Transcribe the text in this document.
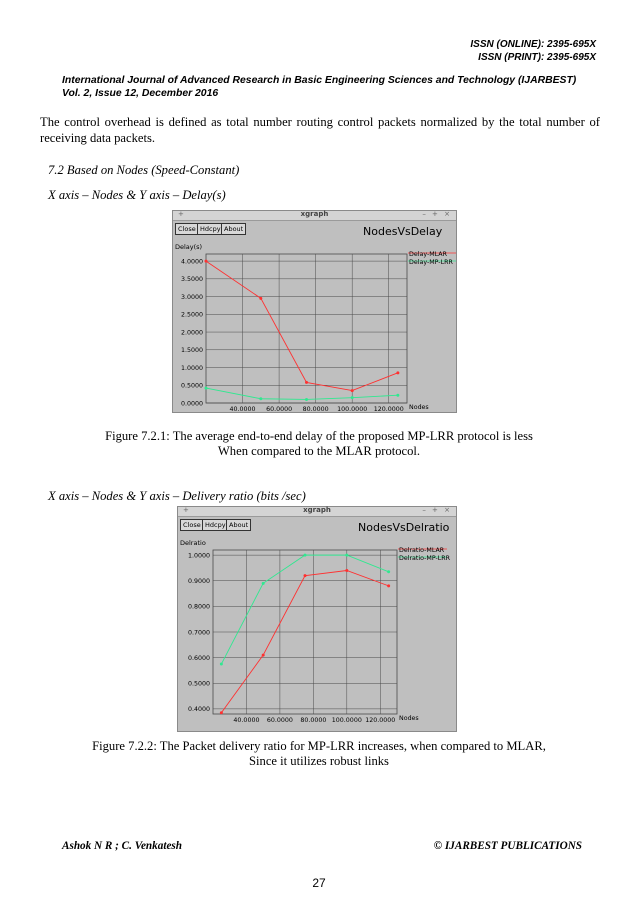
ISSN (ONLINE): 2395-695X
ISSN (PRINT): 2395-695X
International Journal of Advanced Research in Basic Engineering Sciences and Technology (IJARBEST)
Vol. 2, Issue 12, December 2016
The control overhead is defined as total number routing control packets normalized by the total number of receiving data packets.
7.2 Based on Nodes (Speed-Constant)
X axis – Nodes & Y axis – Delay(s)
+	xgraph	– + ×
Close Hdcpy About	NodesVsDelay
Delay(s)
4.0000
3.5000
3.0000
2.5000
2.0000
1.5000
1.0000
0.5000
0.0000
40.0000 60.0000 80.0000 100.0000 120.0000 Nodes
Delay-MLAR
Delay-MP-LRR
Figure 7.2.1: The average end-to-end delay of the proposed MP-LRR protocol is less
When compared to the MLAR protocol.
X axis – Nodes & Y axis – Delivery ratio (bits /sec)
+	xgraph	– + ×
Close Hdcpy About	NodesVsDelratio
Delratio
1.0000
0.9000
0.8000
0.7000
0.6000
0.5000
0.4000
40.0000 60.0000 80.0000 100.0000 120.0000 Nodes
Delratio-MLAR
Delratio-MP-LRR
Figure 7.2.2: The Packet delivery ratio for MP-LRR increases, when compared to MLAR,
Since it utilizes robust links
Ashok N R ; C. Venkatesh	© IJARBEST PUBLICATIONS
27
